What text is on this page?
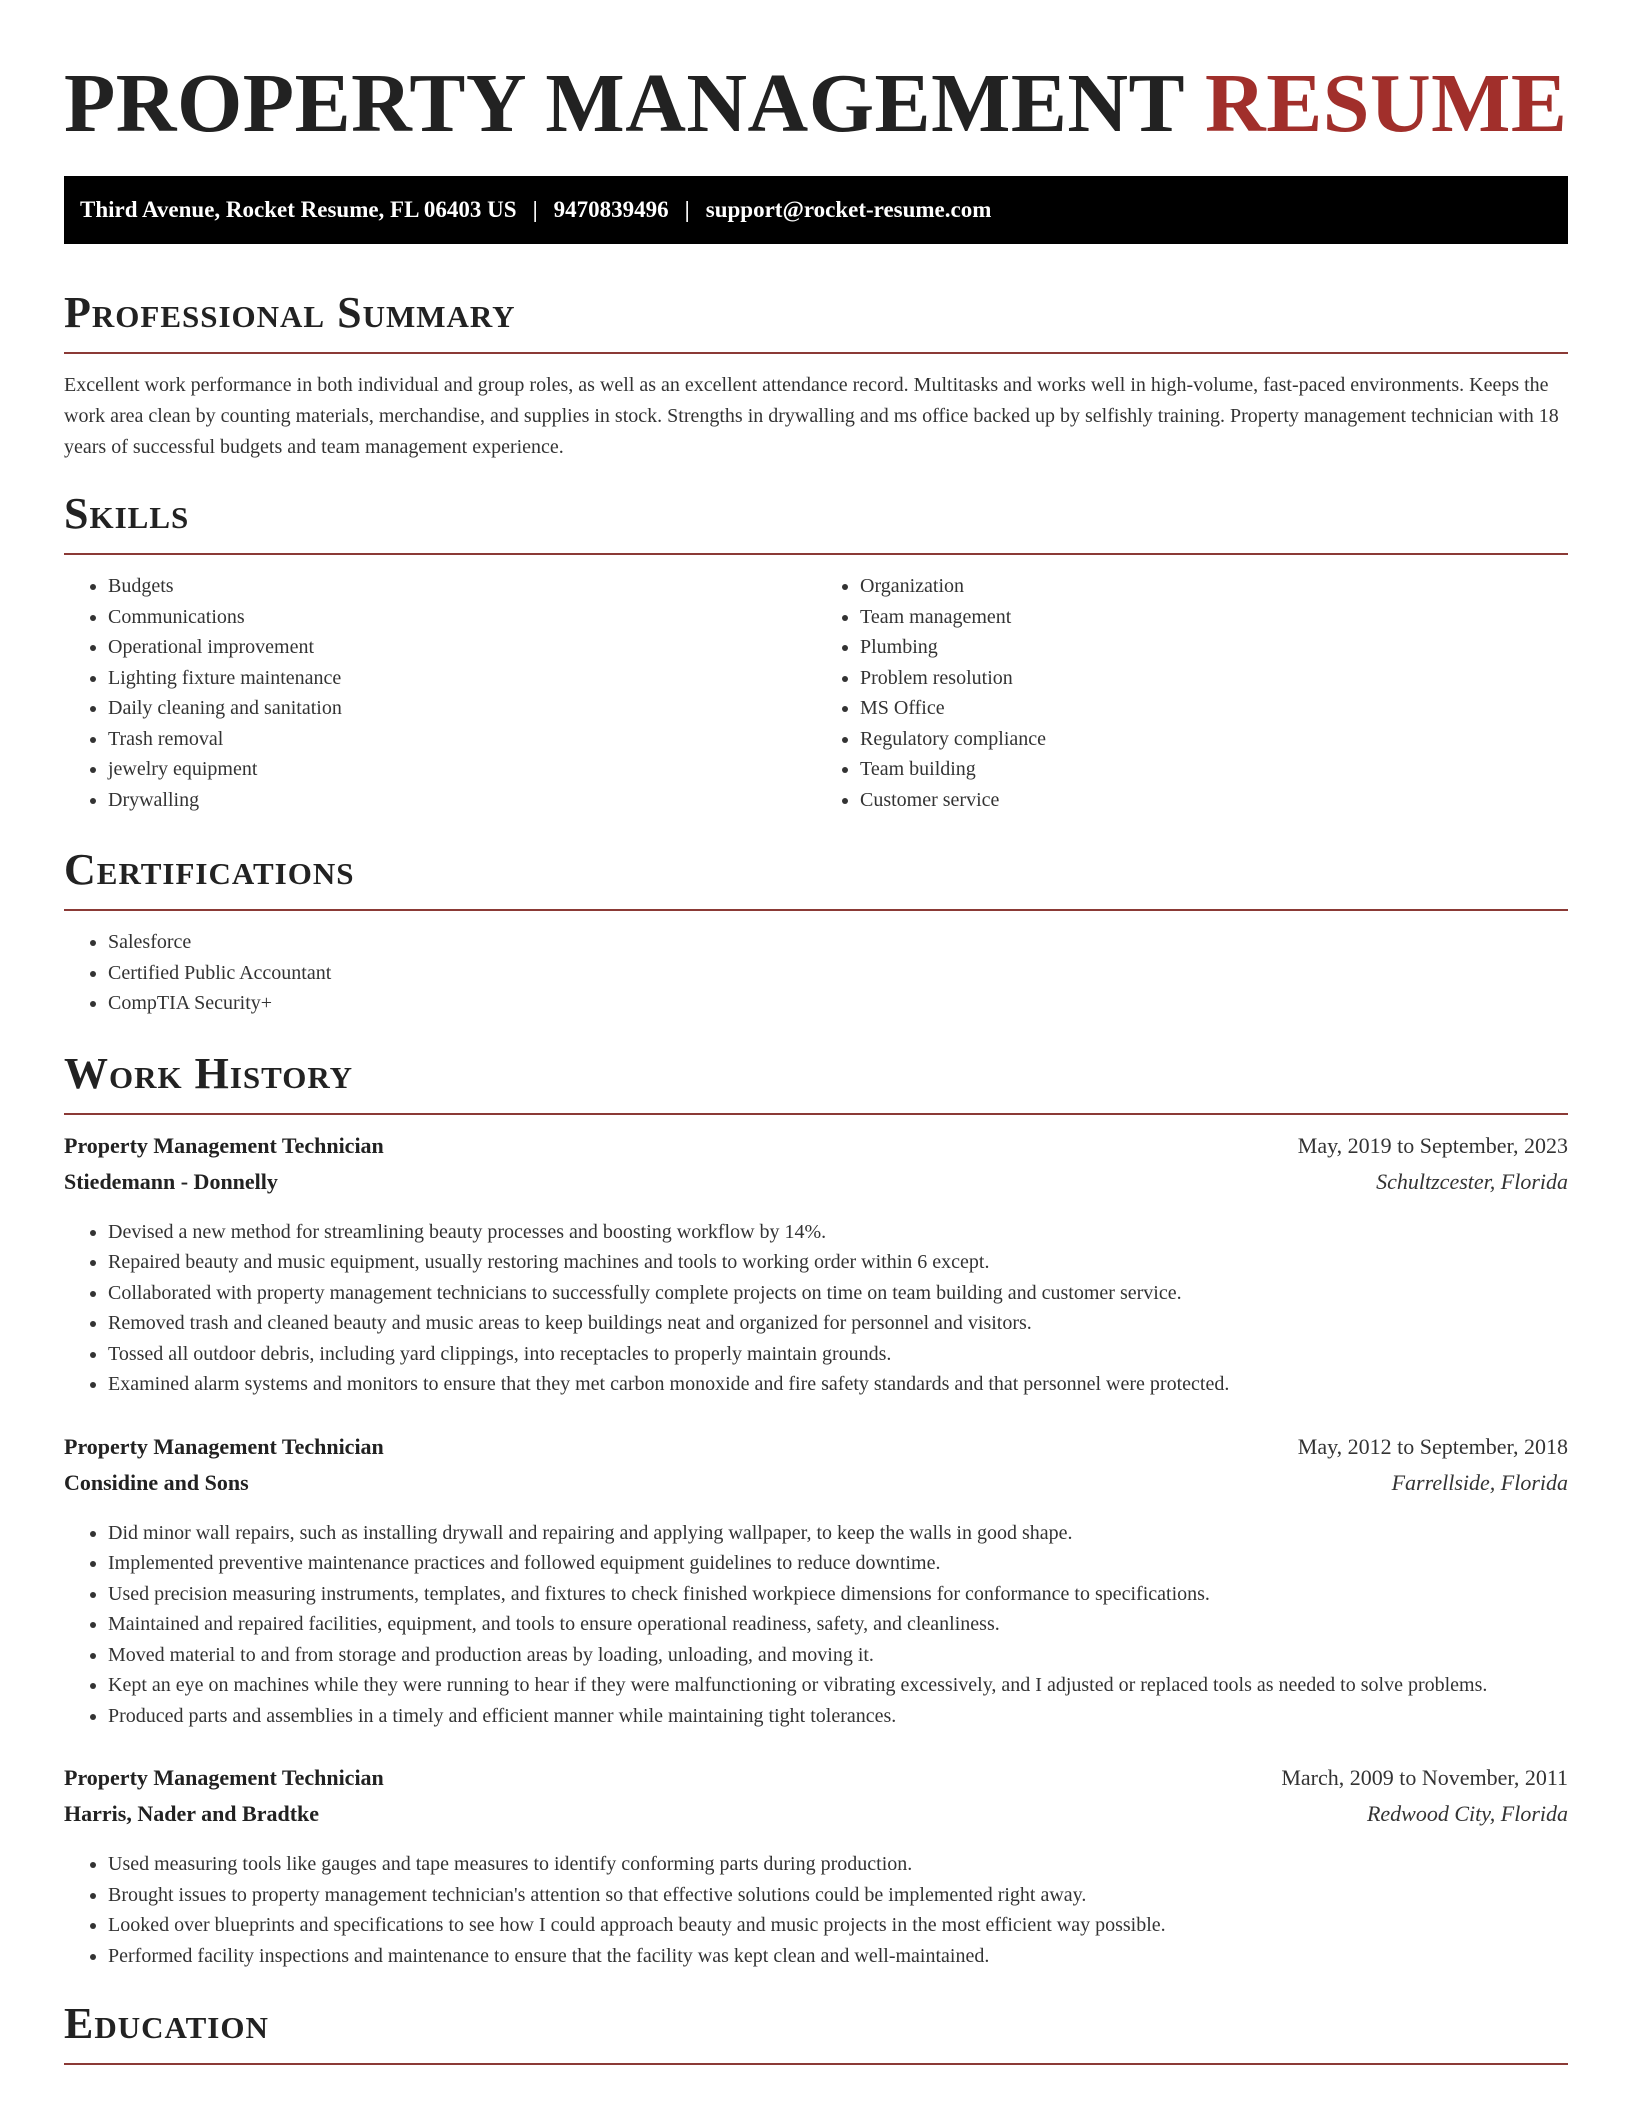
PROPERTY MANAGEMENT RESUME
Third Avenue, Rocket Resume, FL 06403 US | 9470839496 | support@rocket-resume.com
Professional Summary

Excellent work performance in both individual and group roles, as well as an excellent attendance record. Multitasks and works well in high-volume, fast-paced environments. Keeps the work area clean by counting materials, merchandise, and supplies in stock. Strengths in drywalling and ms office backed up by selfishly training. Property management technician with 18 years of successful budgets and team management experience.

Skills
• Budgets
• Communications
• Operational improvement
• Lighting fixture maintenance
• Daily cleaning and sanitation
• Trash removal
• jewelry equipment
• Drywalling
• Organization
• Team management
• Plumbing
• Problem resolution
• MS Office
• Regulatory compliance
• Team building
• Customer service
Certifications
• Salesforce
• Certified Public Accountant
• CompTIA Security+
Work History
Property Management Technician	May, 2019 to September, 2023
Stiedemann - Donnelly	Schultzcester, Florida
• Devised a new method for streamlining beauty processes and boosting workflow by 14%.
• Repaired beauty and music equipment, usually restoring machines and tools to working order within 6 except.
• Collaborated with property management technicians to successfully complete projects on time on team building and customer service.
• Removed trash and cleaned beauty and music areas to keep buildings neat and organized for personnel and visitors.
• Tossed all outdoor debris, including yard clippings, into receptacles to properly maintain grounds.
• Examined alarm systems and monitors to ensure that they met carbon monoxide and fire safety standards and that personnel were protected.
Property Management Technician	May, 2012 to September, 2018
Considine and Sons	Farrellside, Florida
• Did minor wall repairs, such as installing drywall and repairing and applying wallpaper, to keep the walls in good shape.
• Implemented preventive maintenance practices and followed equipment guidelines to reduce downtime.
• Used precision measuring instruments, templates, and fixtures to check finished workpiece dimensions for conformance to specifications.
• Maintained and repaired facilities, equipment, and tools to ensure operational readiness, safety, and cleanliness.
• Moved material to and from storage and production areas by loading, unloading, and moving it.
• Kept an eye on machines while they were running to hear if they were malfunctioning or vibrating excessively, and I adjusted or replaced tools as needed to solve problems.
• Produced parts and assemblies in a timely and efficient manner while maintaining tight tolerances.
Property Management Technician	March, 2009 to November, 2011
Harris, Nader and Bradtke	Redwood City, Florida
• Used measuring tools like gauges and tape measures to identify conforming parts during production.
• Brought issues to property management technician's attention so that effective solutions could be implemented right away.
• Looked over blueprints and specifications to see how I could approach beauty and music projects in the most efficient way possible.
• Performed facility inspections and maintenance to ensure that the facility was kept clean and well-maintained.
Education
